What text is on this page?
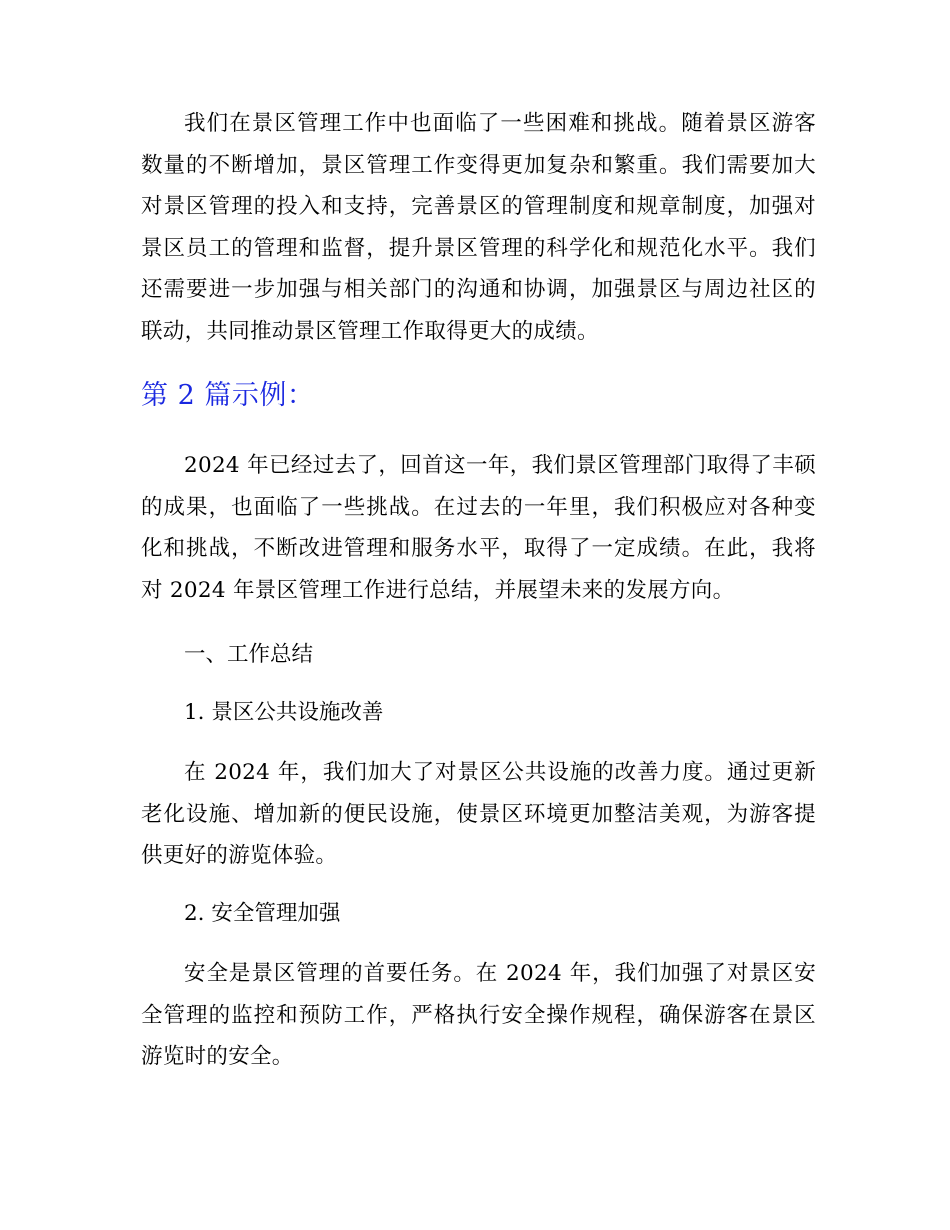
我们在景区管理工作中也面临了一些困难和挑战。随着景区游客数量的不断增加，景区管理工作变得更加复杂和繁重。我们需要加大对景区管理的投入和支持，完善景区的管理制度和规章制度，加强对景区员工的管理和监督，提升景区管理的科学化和规范化水平。我们还需要进一步加强与相关部门的沟通和协调，加强景区与周边社区的联动，共同推动景区管理工作取得更大的成绩。

第 2 篇示例：

2024 年已经过去了，回首这一年，我们景区管理部门取得了丰硕的成果，也面临了一些挑战。在过去的一年里，我们积极应对各种变化和挑战，不断改进管理和服务水平，取得了一定成绩。在此，我将对 2024 年景区管理工作进行总结，并展望未来的发展方向。

一、工作总结

1. 景区公共设施改善

在 2024 年，我们加大了对景区公共设施的改善力度。通过更新老化设施、增加新的便民设施，使景区环境更加整洁美观，为游客提供更好的游览体验。

2. 安全管理加强

安全是景区管理的首要任务。在 2024 年，我们加强了对景区安全管理的监控和预防工作，严格执行安全操作规程，确保游客在景区游览时的安全。
